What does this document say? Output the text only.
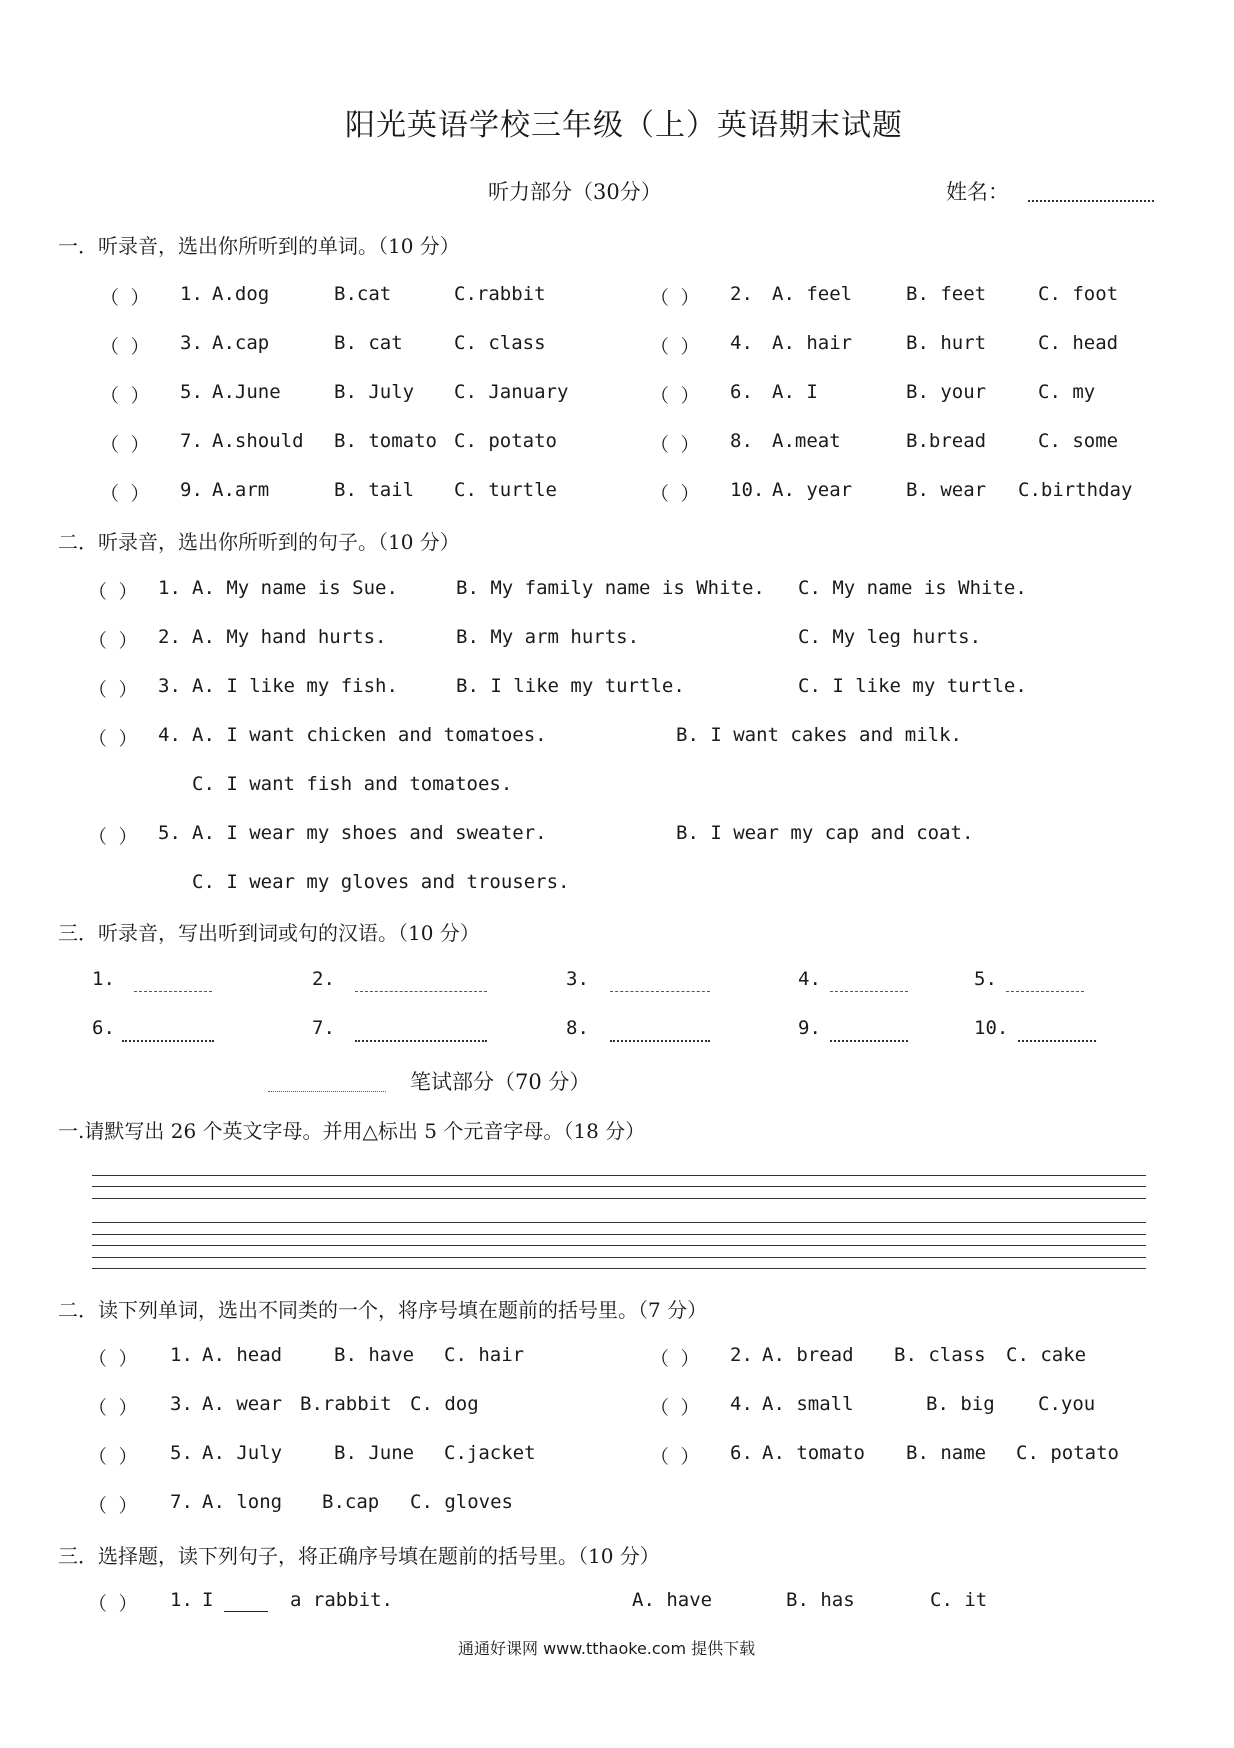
阳光英语学校三年级（上）英语期末试题
听力部分（30分）	姓名：
一．听录音，选出你所听到的单词。（10 分）
（ ） 1. A.dog	B.cat	C.rabbit	（ ） 2. A. feel	B. feet	C. foot
（ ） 3. A.cap	B. cat	C. class	（ ） 4. A. hair	B. hurt	C. head
（ ） 5. A.June	B. July C. January	（ ） 6. A. I	B. your	C. my
（ ） 7. A.should B. tomato C. potato	（ ） 8. A.meat	B.bread	C. some
（ ） 9. A.arm	B. tail C. turtle	（ ） 10. A. year	B. wear C.birthday
二．听录音，选出你所听到的句子。（10 分）
（ ） 1. A. My name is Sue.	B. My family name is White. C. My name is White.
（ ） 2. A. My hand hurts.	B. My arm hurts.	C. My leg hurts.
（ ） 3. A. I like my fish.	B. I like my turtle.	C. I like my turtle.
（ ） 4. A. I want chicken and tomatoes.	B. I want cakes and milk.
C. I want fish and tomatoes.
（ ） 5. A. I wear my shoes and sweater.	B. I wear my cap and coat.
C. I wear my gloves and trousers.
三．听录音，写出听到词或句的汉语。（10 分）
1.	2.	3.	4.	5.
6.	7.	8.	9.	10.
笔试部分（70 分）
一.请默写出 26 个英文字母。并用△标出 5 个元音字母。（18 分）
二．读下列单词，选出不同类的一个，将序号填在题前的括号里。（7 分）
（ ） 1. A. head	B. have C. hair	（ ） 2. A. bread B. class C. cake
（ ） 3. A. wear B.rabbit C. dog	（ ） 4. A. small	B. big C.you
（ ） 5. A. July	B. June C.jacket	（ ） 6. A. tomato B. name C. potato
（ ） 7. A. long B.cap C. gloves
三．选择题，读下列句子，将正确序号填在题前的括号里。（10 分）
（ ） 1. I	a rabbit.	A. have	B. has	C. it
通通好课网 www.tthaoke.com 提供下载
